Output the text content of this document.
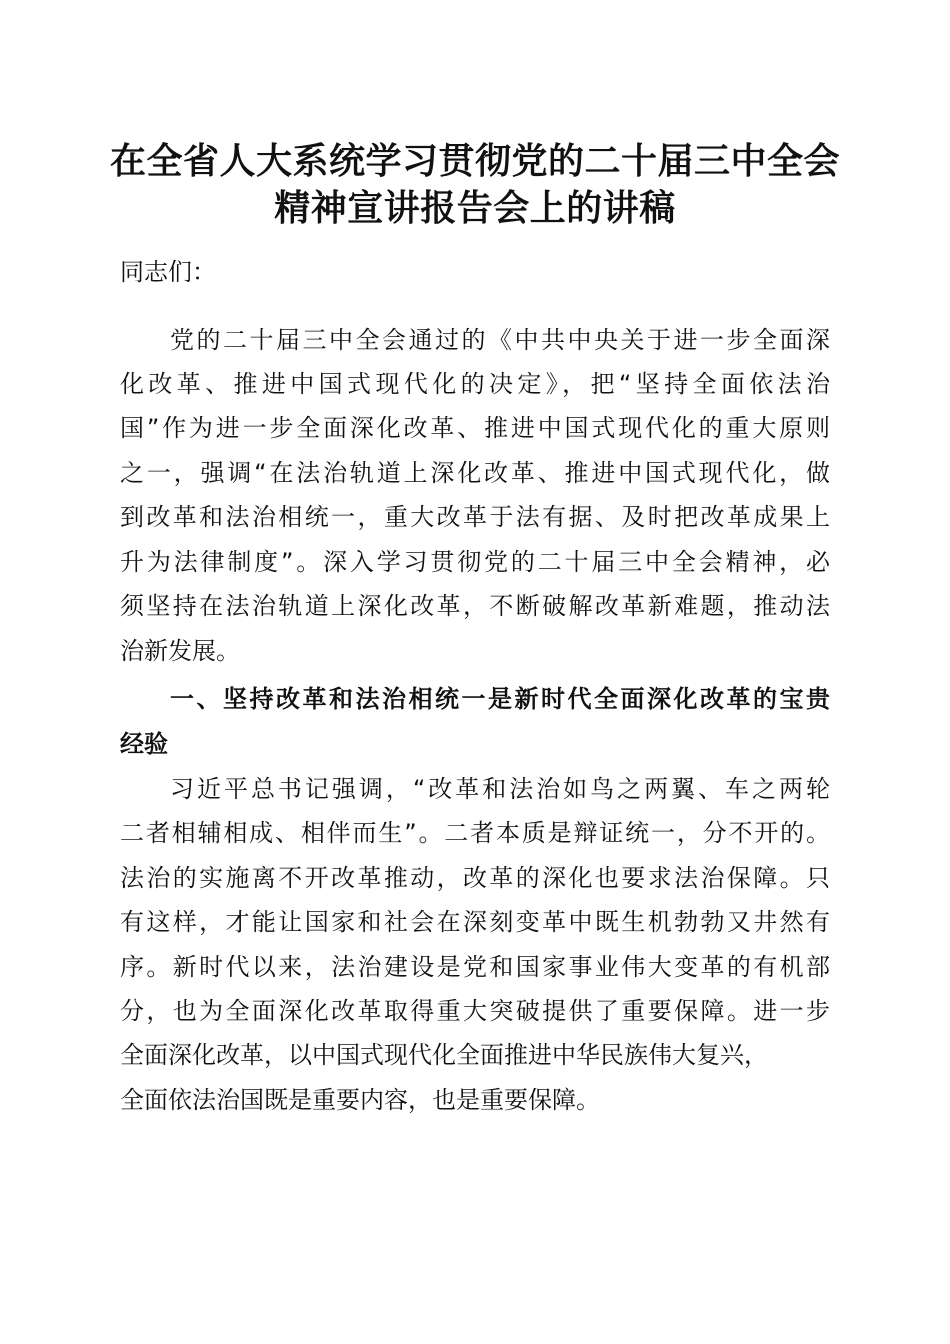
在全省人大系统学习贯彻党的二十届三中全会
精神宣讲报告会上的讲稿
同志们：
党的二十届三中全会通过的《中共中央关于进一步全面深
化改革、推进中国式现代化的决定》，把“坚持全面依法治
国”作为进一步全面深化改革、推进中国式现代化的重大原则
之一，强调“在法治轨道上深化改革、推进中国式现代化，做
到改革和法治相统一，重大改革于法有据、及时把改革成果上
升为法律制度”。深入学习贯彻党的二十届三中全会精神，必
须坚持在法治轨道上深化改革，不断破解改革新难题，推动法
治新发展。
一、坚持改革和法治相统一是新时代全面深化改革的宝贵
经验
习近平总书记强调，“改革和法治如鸟之两翼、车之两轮
二者相辅相成、相伴而生”。二者本质是辩证统一，分不开的。
法治的实施离不开改革推动，改革的深化也要求法治保障。只
有这样，才能让国家和社会在深刻变革中既生机勃勃又井然有
序。新时代以来，法治建设是党和国家事业伟大变革的有机部
分，也为全面深化改革取得重大突破提供了重要保障。进一步
全面深化改革，以中国式现代化全面推进中华民族伟大复兴，
全面依法治国既是重要内容，也是重要保障。
